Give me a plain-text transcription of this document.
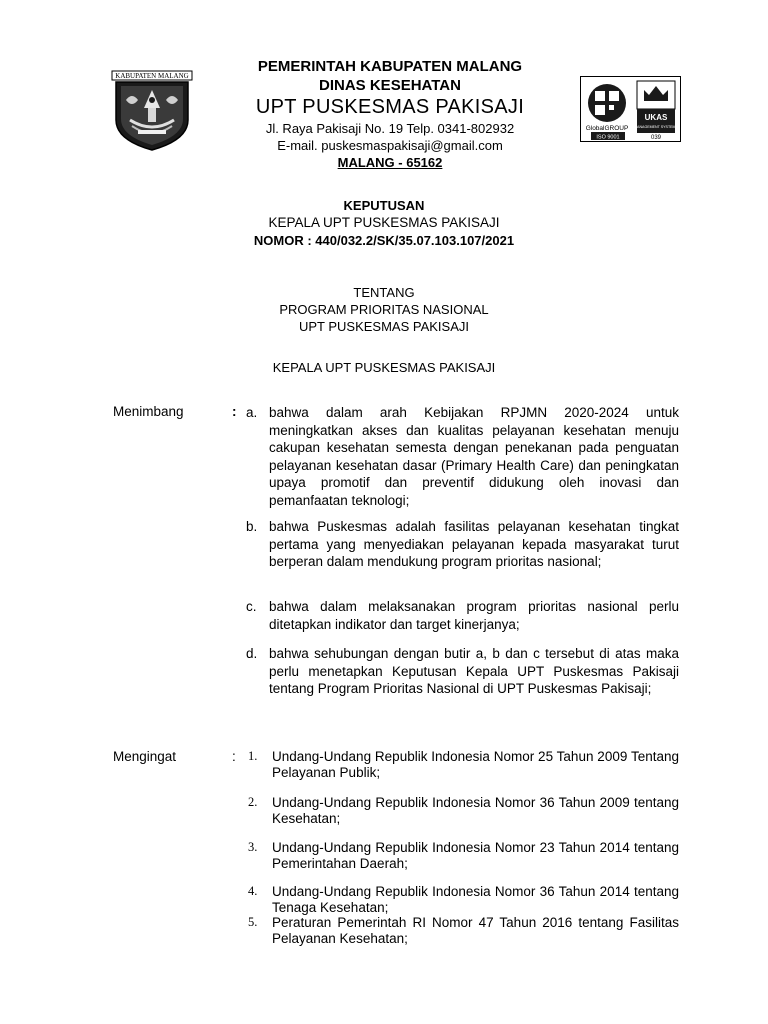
KABUPATEN MALANG
PEMERINTAH KABUPATEN MALANG
DINAS KESEHATAN
UPT PUSKESMAS PAKISAJI
Jl. Raya Pakisaji No. 19 Telp. 0341-802932
E-mail. puskesmaspakisaji@gmail.com
MALANG - 65162
GlobalGROUP
ISO 9001
UKAS
MANAGEMENT SYSTEMS
039
KEPUTUSAN
KEPALA UPT PUSKESMAS PAKISAJI
NOMOR : 440/032.2/SK/35.07.103.107/2021
TENTANG
PROGRAM PRIORITAS NASIONAL
UPT PUSKESMAS PAKISAJI
KEPALA UPT PUSKESMAS PAKISAJI
Menimbang	: a. bahwa dalam arah Kebijakan RPJMN 2020-2024 untuk meningkatkan akses dan kualitas pelayanan kesehatan menuju cakupan kesehatan semesta dengan penekanan pada penguatan pelayanan kesehatan dasar (Primary Health Care) dan peningkatan upaya promotif dan preventif didukung oleh inovasi dan pemanfaatan teknologi;
b. bahwa Puskesmas adalah fasilitas pelayanan kesehatan tingkat pertama yang menyediakan pelayanan kepada masyarakat turut berperan dalam mendukung program prioritas nasional;
c. bahwa dalam melaksanakan program prioritas nasional perlu ditetapkan indikator dan target kinerjanya;
d. bahwa sehubungan dengan butir a, b dan c tersebut di atas maka perlu menetapkan Keputusan Kepala UPT Puskesmas Pakisaji tentang Program Prioritas Nasional di UPT Puskesmas Pakisaji;
Mengingat	: 1.	Undang-Undang Republik Indonesia Nomor 25 Tahun 2009 Tentang Pelayanan Publik;
2.	Undang-Undang Republik Indonesia Nomor 36 Tahun 2009 tentang Kesehatan;
3.	Undang-Undang Republik Indonesia Nomor 23 Tahun 2014 tentang Pemerintahan Daerah;
4.	Undang-Undang Republik Indonesia Nomor 36 Tahun 2014 tentang Tenaga Kesehatan;
5.	Peraturan Pemerintah RI Nomor 47 Tahun 2016 tentang Fasilitas Pelayanan Kesehatan;
